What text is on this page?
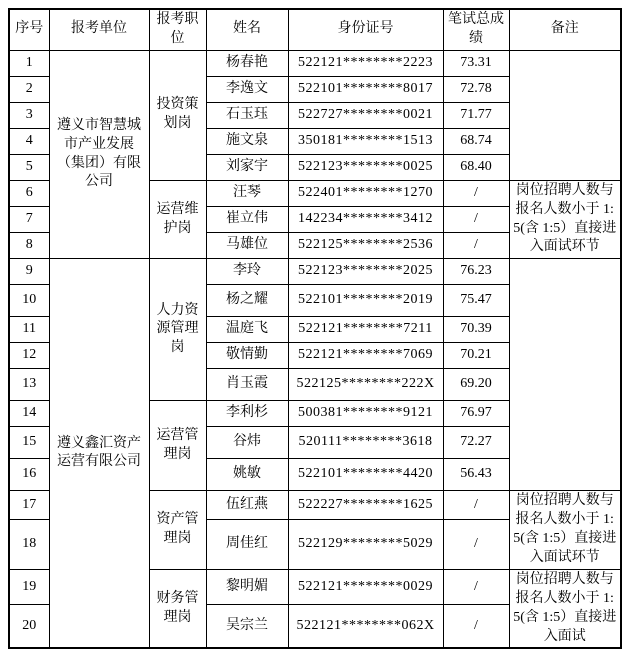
序号	报考单位	报考职位	姓名	身份证号	笔试总成绩	备注
1	遵义市智慧城市产业发展（集团）有限公司	投资策划岗	杨春艳	522121********2223	73.31	
2			李逸文	522101********8017	72.78	
3			石玉珏	522727********0021	71.77	
4			施文泉	350181********1513	68.74	
5			刘家宇	522123********0025	68.40	
6		运营维护岗	汪琴	522401********1270	/	岗位招聘人数与报名人数小于 1:5(含 1:5）直接进入面试环节
7			崔立伟	142234********3412	/	
8			马雄位	522125********2536	/	
9	遵义鑫汇资产运营有限公司	人力资源管理岗	李玲	522123********2025	76.23	
10			杨之耀	522101********2019	75.47	
11			温庭飞	522121********7211	70.39	
12			敬情勤	522121********7069	70.21	
13			肖玉霞	522125********222X	69.20	
14		运营管理岗	李利杉	500381********9121	76.97	
15			谷炜	520111********3618	72.27	
16			姚敏	522101********4420	56.43	
17		资产管理岗	伍红燕	522227********1625	/	岗位招聘人数与报名人数小于 1:5(含 1:5）直接进入面试环节
18			周佳红	522129********5029	/	
19		财务管理岗	黎明媚	522121********0029	/	岗位招聘人数与报名人数小于 1:5(含 1:5）直接进入面试
20			吴宗兰	522121********062X	/	
